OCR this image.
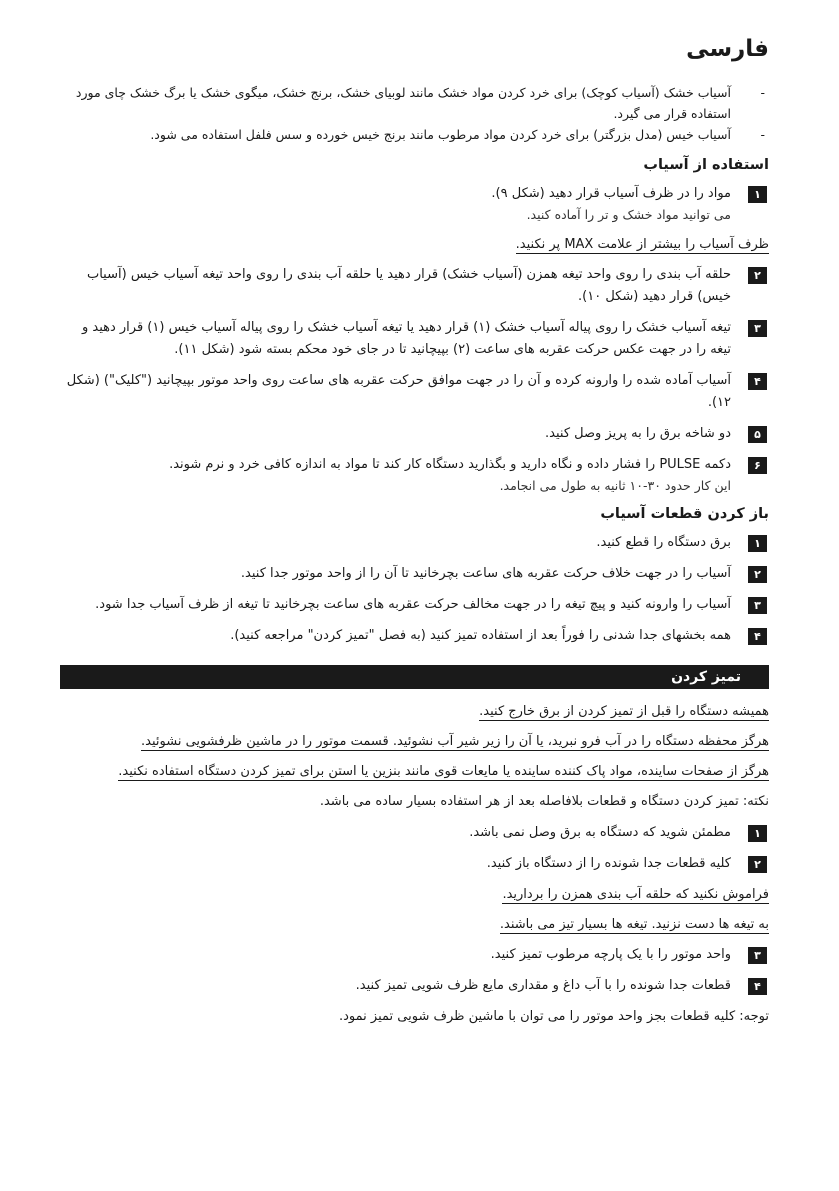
فارسی
- آسیاب خشک (آسیاب کوچک) برای خرد کردن مواد خشک مانند لوبیای خشک، برنج خشک، میگوی خشک یا برگ خشک چای مورد استفاده قرار می گیرد.
- آسیاب خیس (مدل بزرگتر) برای خرد کردن مواد مرطوب مانند برنج خیس خورده و سس فلفل استفاده می شود.
استفاده از آسیاب
۱
مواد را در ظرف آسیاب قرار دهید (شکل ۹).
می توانید مواد خشک و تر را آماده کنید.
ظرف آسیاب را بیشتر از علامت MAX پر نکنید.
۲
حلقه آب بندی را روی واحد تیغه همزن (آسیاب خشک) قرار دهید یا حلقه آب بندی را روی واحد تیغه آسیاب خیس (آسیاب خیس) قرار دهید (شکل ۱۰).
۳
تیغه آسیاب خشک را روی پیاله آسیاب خشک (۱) قرار دهید یا تیغه آسیاب خشک را روی پیاله آسیاب خیس (۱) قرار دهید و تیغه را در جهت عکس حرکت عقربه های ساعت (۲) بپیچانید تا در جای خود محکم بسته شود (شکل ۱۱).
۴
آسیاب آماده شده را وارونه کرده و آن را در جهت موافق حرکت عقربه های ساعت روی واحد موتور بپیچانید ("کلیک") (شکل ۱۲).
۵
دو شاخه برق را به پریز وصل کنید.
۶
دکمه PULSE را فشار داده و نگاه دارید و بگذارید دستگاه کار کند تا مواد به اندازه کافی خرد و نرم شوند.
این کار حدود ۳۰-۱۰ ثانیه به طول می انجامد.
باز کردن قطعات آسیاب
۱
برق دستگاه را قطع کنید.
۲
آسیاب را در جهت خلاف حرکت عقربه های ساعت بچرخانید تا آن را از واحد موتور جدا کنید.
۳
آسیاب را وارونه کنید و پیچ تیغه را در جهت مخالف حرکت عقربه های ساعت بچرخانید تا تیغه از ظرف آسیاب جدا شود.
۴
همه بخشهای جدا شدنی را فوراً بعد از استفاده تمیز کنید (به فصل "تمیز کردن" مراجعه کنید).
تمیز کردن
همیشه دستگاه را قبل از تمیز کردن از برق خارج کنید.
هرگز محفظه دستگاه را در آب فرو نبرید، یا آن را زیر شیر آب نشوئید. قسمت موتور را در ماشین ظرفشویی نشوئید.
هرگز از صفحات ساینده، مواد پاک کننده ساینده یا مایعات قوی مانند بنزین یا استن برای تمیز کردن دستگاه استفاده نکنید.
نکته: تمیز کردن دستگاه و قطعات بلافاصله بعد از هر استفاده بسیار ساده می باشد.
۱
مطمئن شوید که دستگاه به برق وصل نمی باشد.
۲
کلیه قطعات جدا شونده را از دستگاه باز کنید.
فراموش نکنید که حلقه آب بندی همزن را بردارید.
به تیغه ها دست نزنید. تیغه ها بسیار تیز می باشند.
۳
واحد موتور را با یک پارچه مرطوب تمیز کنید.
۴
قطعات جدا شونده را با آب داغ و مقداری مایع ظرف شویی تمیز کنید.
توجه: کلیه قطعات بجز واحد موتور را می توان با ماشین ظرف شویی تمیز نمود.
